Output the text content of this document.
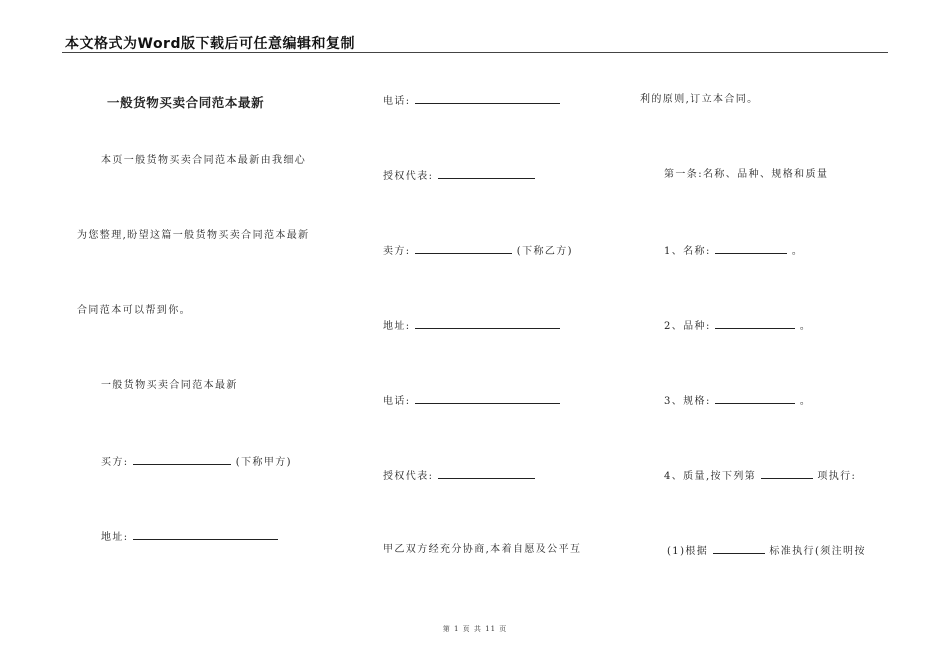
本文格式为Word版下载后可任意编辑和复制
一般货物买卖合同范本最新
本页一般货物买卖合同范本最新由我细心
为您整理,盼望这篇一般货物买卖合同范本最新
合同范本可以帮到你。
一般货物买卖合同范本最新
买方:	(下称甲方)
地址:
电话:
授权代表:
卖方:	(下称乙方)
地址:
电话:
授权代表:
甲乙双方经充分协商,本着自愿及公平互
利的原则,订立本合同。
第一条:名称、品种、规格和质量
1、名称:	。
2、品种:	。
3、规格:	。
4、质量,按下列第	项执行:
(1)根据	标准执行(须注明按
第 1 页 共 11 页
